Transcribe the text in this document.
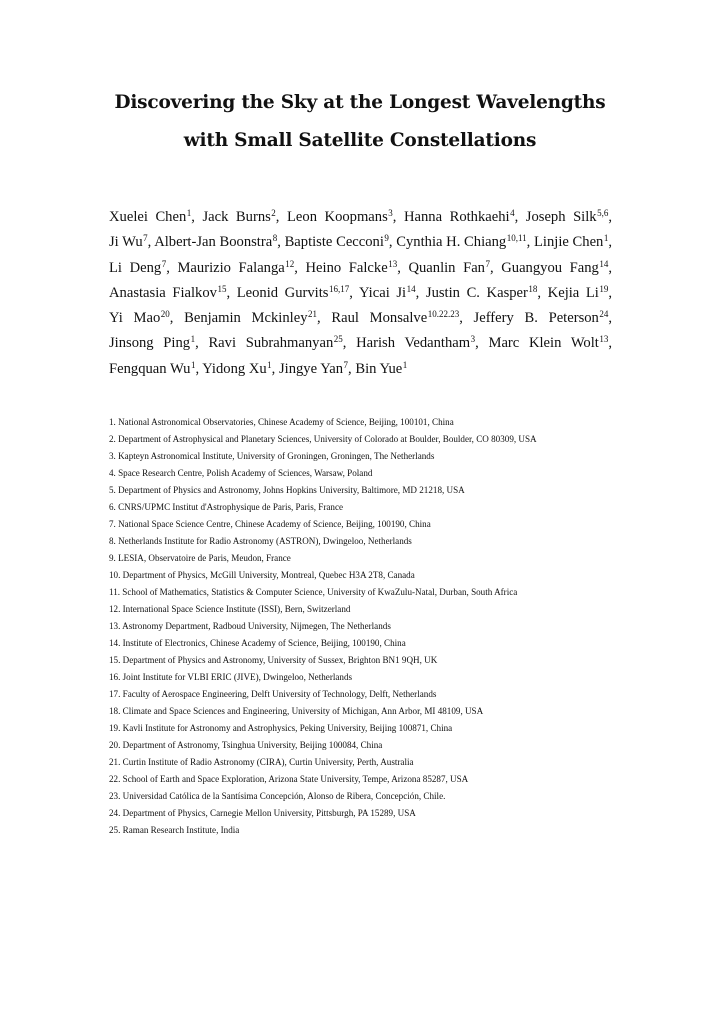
Discovering the Sky at the Longest Wavelengths
with Small Satellite Constellations

Xuelei Chen$^1$, Jack Burns$^2$, Leon Koopmans$^3$, Hanna Rothkaehi$^4$, Joseph Silk$^{5,6}$, Ji Wu$^7$, Albert-Jan Boonstra$^8$, Baptiste Cecconi$^9$, Cynthia H. Chiang$^{10,11}$, Linjie Chen$^1$, Li Deng$^7$, Maurizio Falanga$^{12}$, Heino Falcke$^{13}$, Quanlin Fan$^7$, Guangyou Fang$^{14}$, Anastasia Fialkov$^{15}$, Leonid Gurvits$^{16,17}$, Yicai Ji$^{14}$, Justin C. Kasper$^{18}$, Kejia Li$^{19}$, Yi Mao$^{20}$, Benjamin Mckinley$^{21}$, Raul Monsalve$^{10.22.23}$, Jeffery B. Peterson$^{24}$, Jinsong Ping$^1$, Ravi Subrahmanyan$^{25}$, Harish Vedantham$^3$, Marc Klein Wolt$^{13}$, Fengquan Wu$^1$, Yidong Xu$^1$, Jingye Yan$^7$, Bin Yue$^1$

1. National Astronomical Observatories, Chinese Academy of Science, Beijing, 100101, China
2. Department of Astrophysical and Planetary Sciences, University of Colorado at Boulder, Boulder, CO 80309, USA
3. Kapteyn Astronomical Institute, University of Groningen, Groningen, The Netherlands
4. Space Research Centre, Polish Academy of Sciences, Warsaw, Poland
5. Department of Physics and Astronomy, Johns Hopkins University, Baltimore, MD 21218, USA
6. CNRS/UPMC Institut d'Astrophysique de Paris, Paris, France
7. National Space Science Centre, Chinese Academy of Science, Beijing, 100190, China
8. Netherlands Institute for Radio Astronomy (ASTRON), Dwingeloo, Netherlands
9. LESIA, Observatoire de Paris, Meudon, France
10. Department of Physics, McGill University, Montreal, Quebec H3A 2T8, Canada
11. School of Mathematics, Statistics & Computer Science, University of KwaZulu-Natal, Durban, South Africa
12. International Space Science Institute (ISSI), Bern, Switzerland
13. Astronomy Department, Radboud University, Nijmegen, The Netherlands
14. Institute of Electronics, Chinese Academy of Science, Beijing, 100190, China
15. Department of Physics and Astronomy, University of Sussex, Brighton BN1 9QH, UK
16. Joint Institute for VLBI ERIC (JIVE), Dwingeloo, Netherlands
17. Faculty of Aerospace Engineering, Delft University of Technology, Delft, Netherlands
18. Climate and Space Sciences and Engineering, University of Michigan, Ann Arbor, MI 48109, USA
19. Kavli Institute for Astronomy and Astrophysics, Peking University, Beijing 100871, China
20. Department of Astronomy, Tsinghua University, Beijing 100084, China
21. Curtin Institute of Radio Astronomy (CIRA), Curtin University, Perth, Australia
22. School of Earth and Space Exploration, Arizona State University, Tempe, Arizona 85287, USA
23. Universidad Católica de la Santísima Concepción, Alonso de Ribera, Concepción, Chile.
24. Department of Physics, Carnegie Mellon University, Pittsburgh, PA 15289, USA
25. Raman Research Institute, India
